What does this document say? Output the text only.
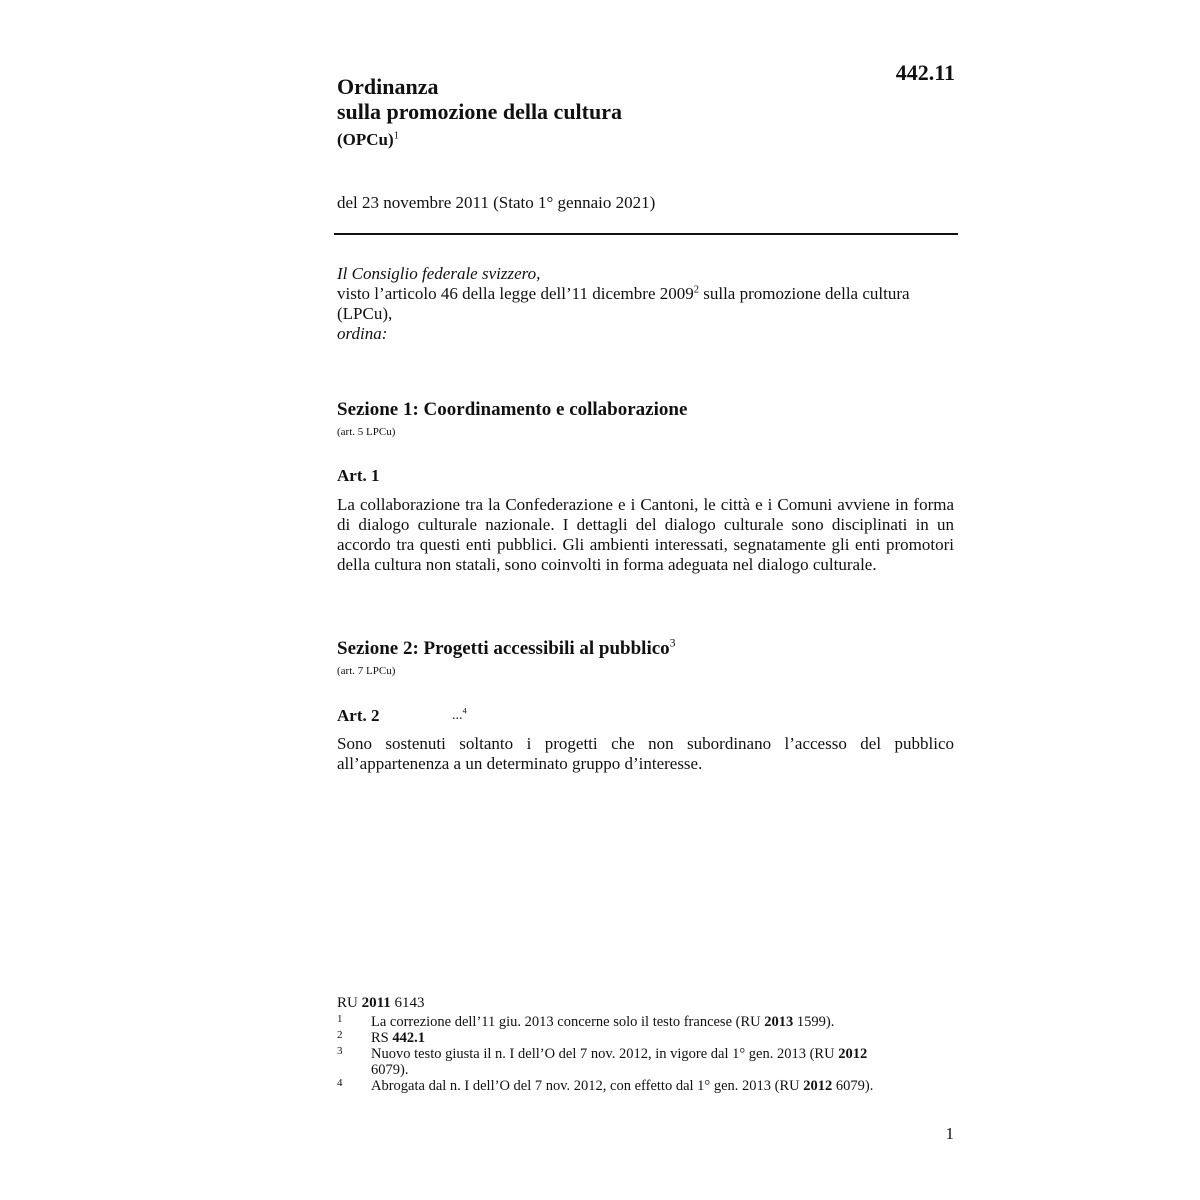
442.11
Ordinanza
sulla promozione della cultura
(OPCu)$^1$
del 23 novembre 2011 (Stato 1° gennaio 2021)
Il Consiglio federale svizzero,
visto l’articolo 46 della legge dell’11 dicembre 2009$^2$ sulla promozione della cultura (LPCu),
ordina:
Sezione 1: Coordinamento e collaborazione
(art. 5 LPCu)
Art. 1
La collaborazione tra la Confederazione e i Cantoni, le città e i Comuni avviene in forma di dialogo culturale nazionale. I dettagli del dialogo culturale sono disciplinati in un accordo tra questi enti pubblici. Gli ambienti interessati, segnatamente gli enti promotori della cultura non statali, sono coinvolti in forma adeguata nel dialogo culturale.
Sezione 2: Progetti accessibili al pubblico$^3$
(art. 7 LPCu)
Art. 2	...$^4$
Sono sostenuti soltanto i progetti che non subordinano l’accesso del pubblico all’appartenenza a un determinato gruppo d’interesse.
RU 2011 6143
1 La correzione dell’11 giu. 2013 concerne solo il testo francese (RU 2013 1599).
2 RS 442.1
3 Nuovo testo giusta il n. I dell’O del 7 nov. 2012, in vigore dal 1° gen. 2013 (RU 2012 6079).
4 Abrogata dal n. I dell’O del 7 nov. 2012, con effetto dal 1° gen. 2013 (RU 2012 6079).
1
